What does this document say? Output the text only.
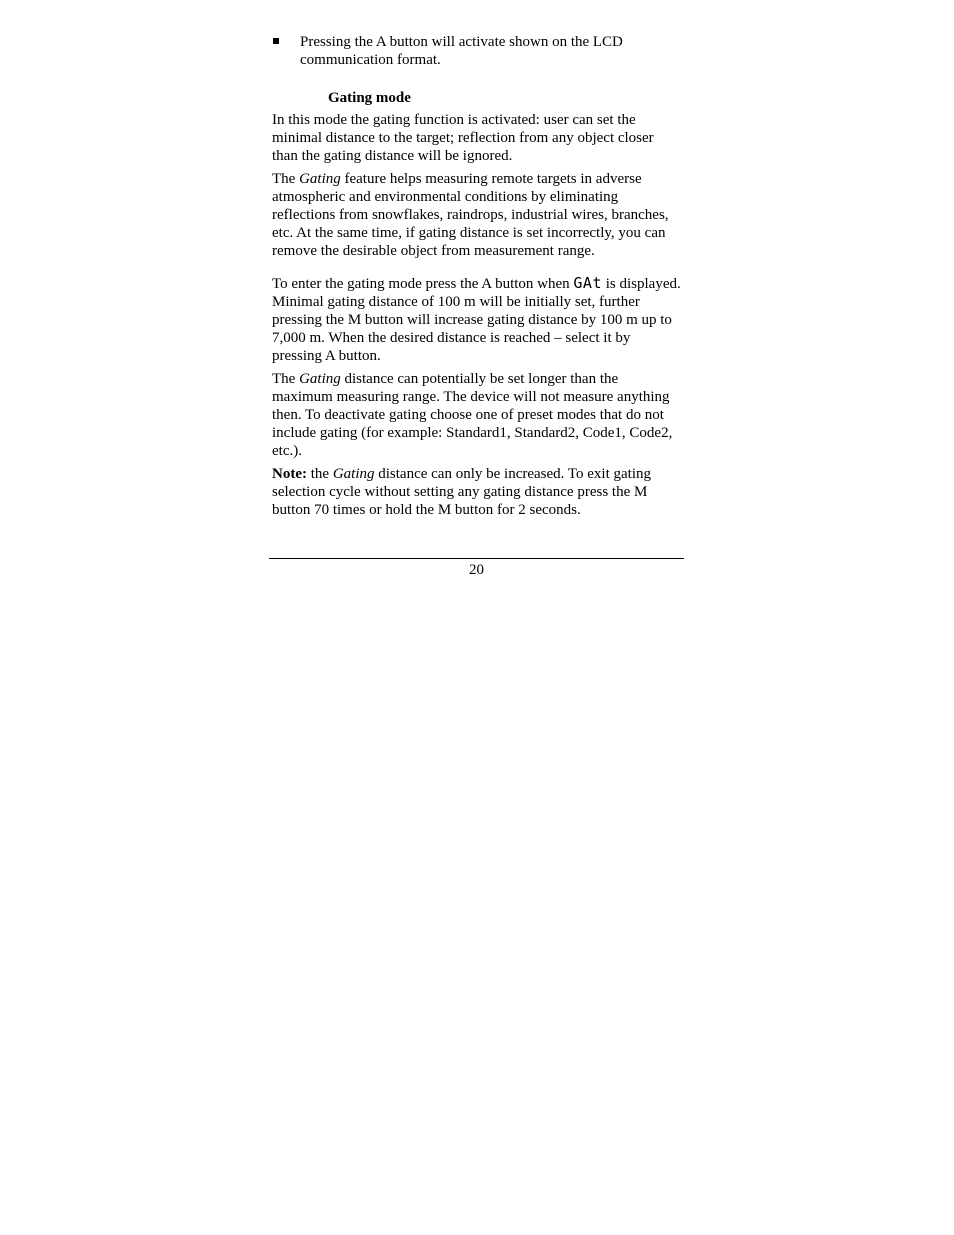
Pressing the A button will activate shown on the LCD communication format.

Gating mode

In this mode the gating function is activated: user can set the minimal distance to the target; reflection from any object closer than the gating distance will be ignored.

The Gating feature helps measuring remote targets in adverse atmospheric and environmental conditions by eliminating reflections from snowflakes, raindrops, industrial wires, branches, etc. At the same time, if gating distance is set incorrectly, you can remove the desirable object from measurement range.

To enter the gating mode press the A button when GAt is displayed. Minimal gating distance of 100 m will be initially set, further pressing the M button will increase gating distance by 100 m up to 7,000 m. When the desired distance is reached – select it by pressing A button.

The Gating distance can potentially be set longer than the maximum measuring range. The device will not measure anything then. To deactivate gating choose one of preset modes that do not include gating (for example: Standard1, Standard2, Code1, Code2, etc.).

Note: the Gating distance can only be increased. To exit gating selection cycle without setting any gating distance press the M button 70 times or hold the M button for 2 seconds.

20
